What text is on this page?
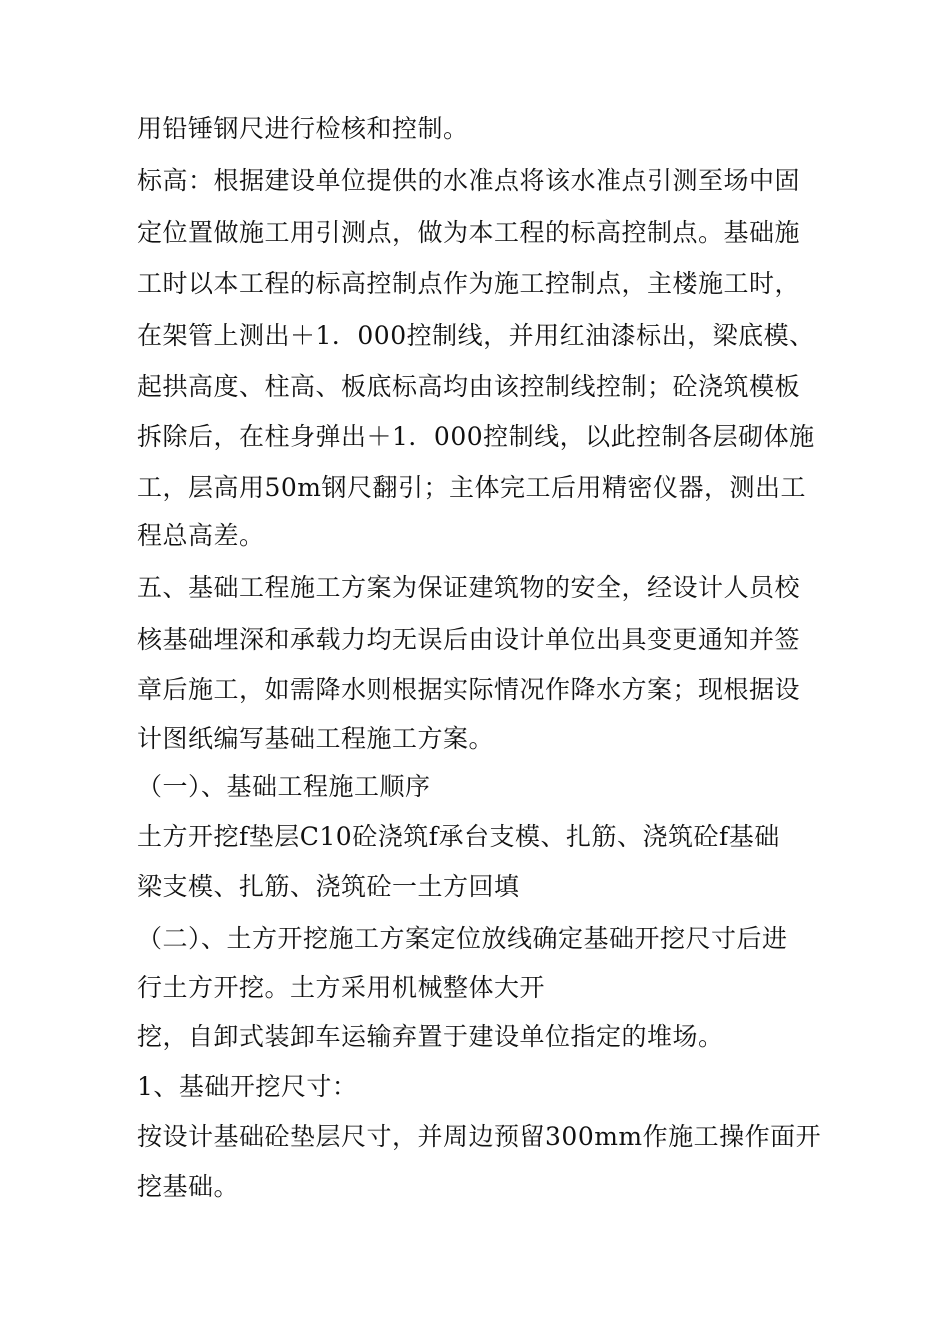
用铅锤钢尺进行检核和控制。
标高：根据建设单位提供的水准点将该水准点引测至场中固
定位置做施工用引测点，做为本工程的标高控制点。基础施
工时以本工程的标高控制点作为施工控制点，主楼施工时，
在架管上测出＋1．000控制线，并用红油漆标出，梁底模、
起拱高度、柱高、板底标高均由该控制线控制；砼浇筑模板
拆除后，在柱身弹出＋1．000控制线，以此控制各层砌体施
工，层高用50m钢尺翻引；主体完工后用精密仪器，测出工
程总高差。
五、基础工程施工方案为保证建筑物的安全，经设计人员校
核基础埋深和承载力均无误后由设计单位出具变更通知并签
章后施工，如需降水则根据实际情况作降水方案；现根据设
计图纸编写基础工程施工方案。
（一）、基础工程施工顺序
土方开挖f垫层C10砼浇筑f承台支模、扎筋、浇筑砼f基础
梁支模、扎筋、浇筑砼一土方回填
（二）、土方开挖施工方案定位放线确定基础开挖尺寸后进
行土方开挖。土方采用机械整体大开
挖，自卸式装卸车运输弃置于建设单位指定的堆场。
1、基础开挖尺寸：
按设计基础砼垫层尺寸，并周边预留300mm作施工操作面开
挖基础。
